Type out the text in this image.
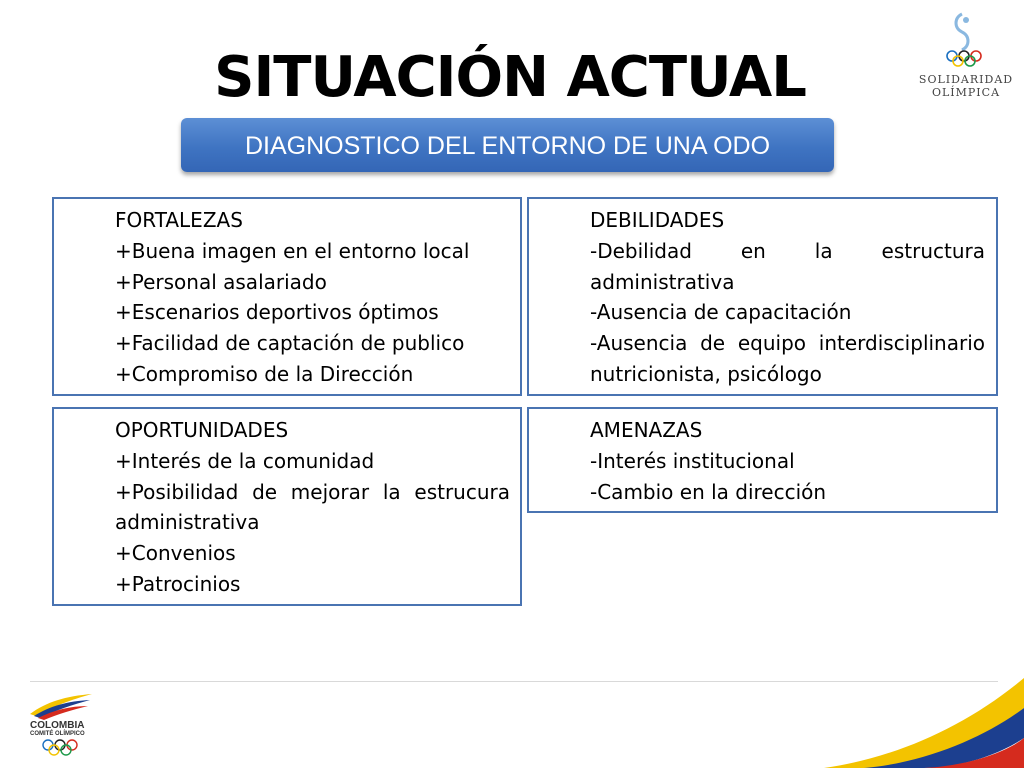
SITUACIÓN ACTUAL
DIAGNOSTICO DEL ENTORNO DE UNA ODO
FORTALEZAS
+Buena imagen en el entorno local
+Personal asalariado
+Escenarios deportivos óptimos
+Facilidad de captación de publico
+Compromiso de la Dirección
DEBILIDADES
-Debilidad en la estructura
administrativa
-Ausencia de capacitación
-Ausencia de equipo interdisciplinario
nutricionista, psicólogo
OPORTUNIDADES
+Interés de la comunidad
+Posibilidad de mejorar la estrucura
administrativa
+Convenios
+Patrocinios
AMENAZAS
-Interés institucional
-Cambio en la dirección
SOLIDARIDAD
OLÍMPICA
COLOMBIA
COMITÉ OLÍMPICO
